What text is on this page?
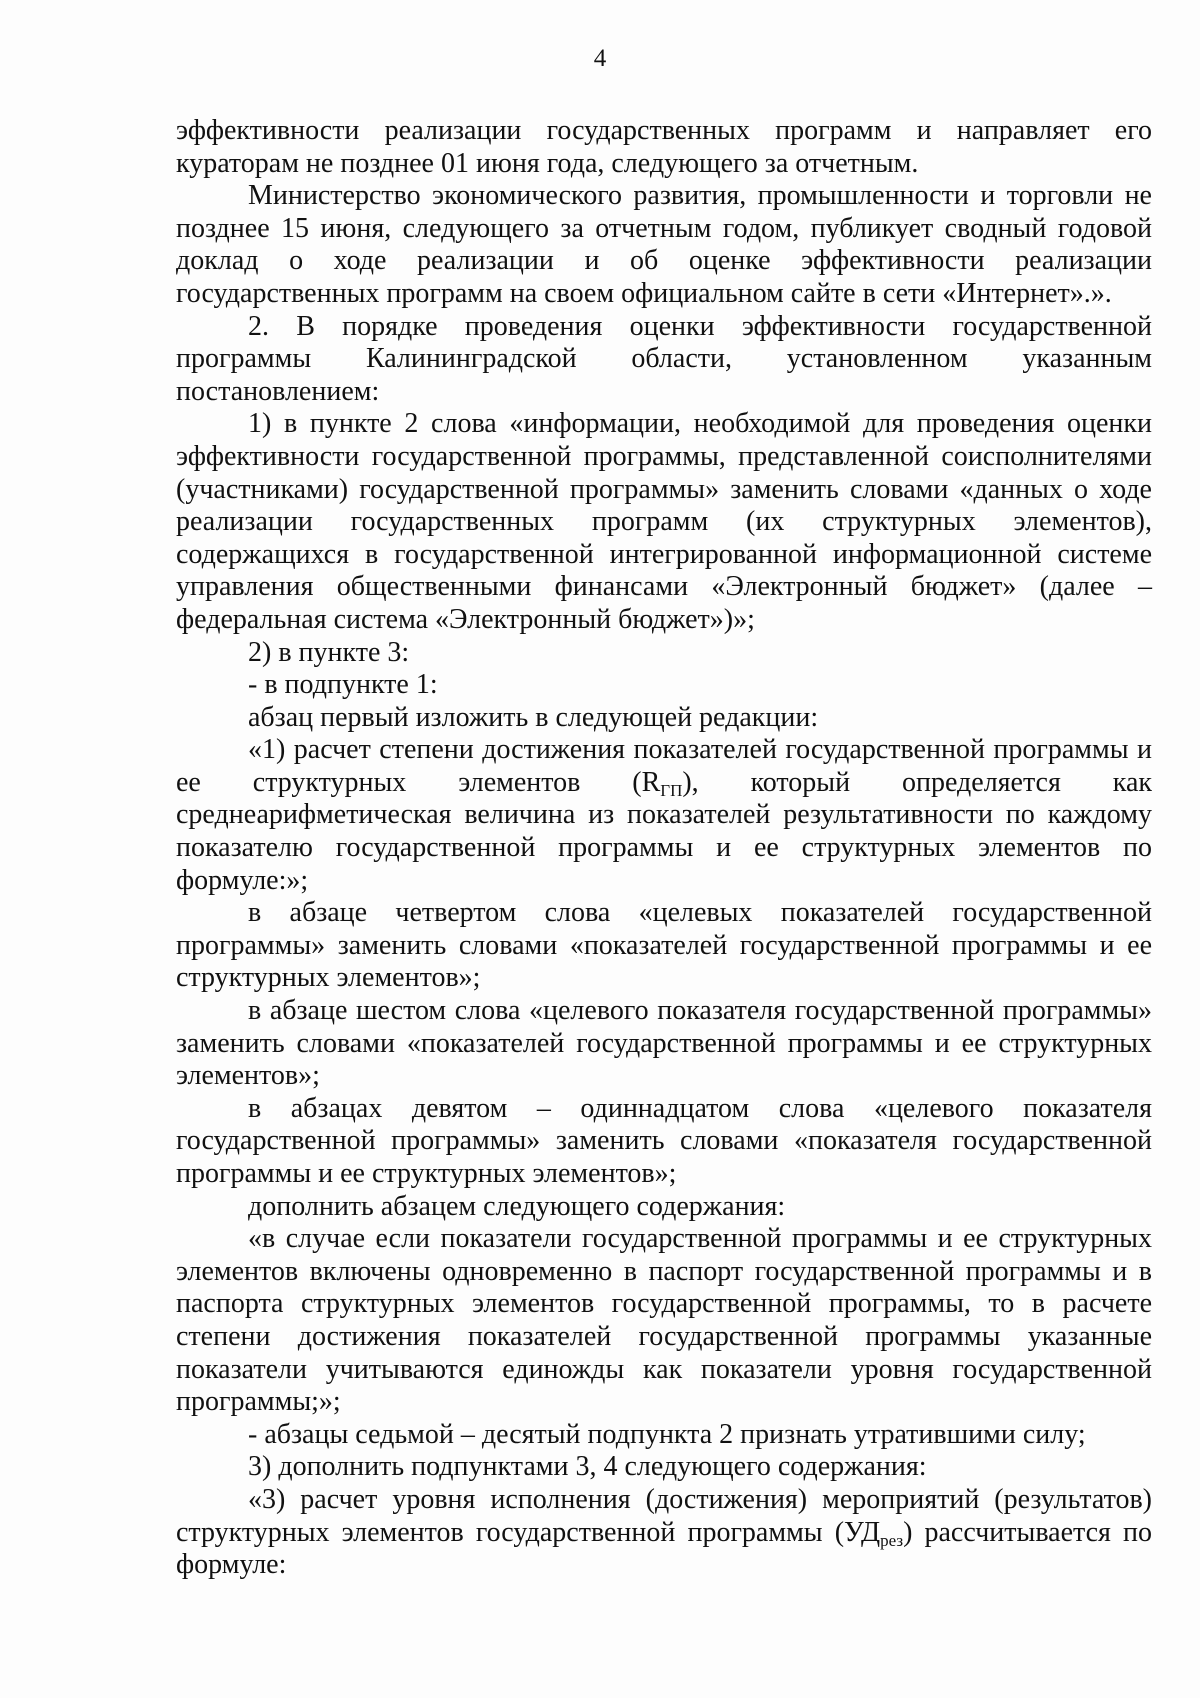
4

эффективности реализации государственных программ и направляет его кураторам не позднее 01 июня года, следующего за отчетным.

Министерство экономического развития, промышленности и торговли не позднее 15 июня, следующего за отчетным годом, публикует сводный годовой доклад о ходе реализации и об оценке эффективности реализации государственных программ на своем официальном сайте в сети «Интернет».».

2. В порядке проведения оценки эффективности государственной программы Калининградской области, установленном указанным постановлением:

1) в пункте 2 слова «информации, необходимой для проведения оценки эффективности государственной программы, представленной соисполнителями (участниками) государственной программы» заменить словами «данных о ходе реализации государственных программ (их структурных элементов), содержащихся в государственной интегрированной информационной системе управления общественными финансами «Электронный бюджет» (далее – федеральная система «Электронный бюджет»)»;

2) в пункте 3:

- в подпункте 1:

абзац первый изложить в следующей редакции:

«1) расчет степени достижения показателей государственной программы и ее структурных элементов $(R_{ГП})$, который определяется как среднеарифметическая величина из показателей результативности по каждому показателю государственной программы и ее структурных элементов по формуле:»;

в абзаце четвертом слова «целевых показателей государственной программы» заменить словами «показателей государственной программы и ее структурных элементов»;

в абзаце шестом слова «целевого показателя государственной программы» заменить словами «показателей государственной программы и ее структурных элементов»;

в абзацах девятом – одиннадцатом слова «целевого показателя государственной программы» заменить словами «показателя государственной программы и ее структурных элементов»;

дополнить абзацем следующего содержания:

«в случае если показатели государственной программы и ее структурных элементов включены одновременно в паспорт государственной программы и в паспорта структурных элементов государственной программы, то в расчете степени достижения показателей государственной программы указанные показатели учитываются единожды как показатели уровня государственной программы;»;

- абзацы седьмой – десятый подпункта 2 признать утратившими силу;

3) дополнить подпунктами 3, 4 следующего содержания:

«3) расчет уровня исполнения (достижения) мероприятий (результатов) структурных элементов государственной программы $(УД_{рез})$ рассчитывается по формуле:
